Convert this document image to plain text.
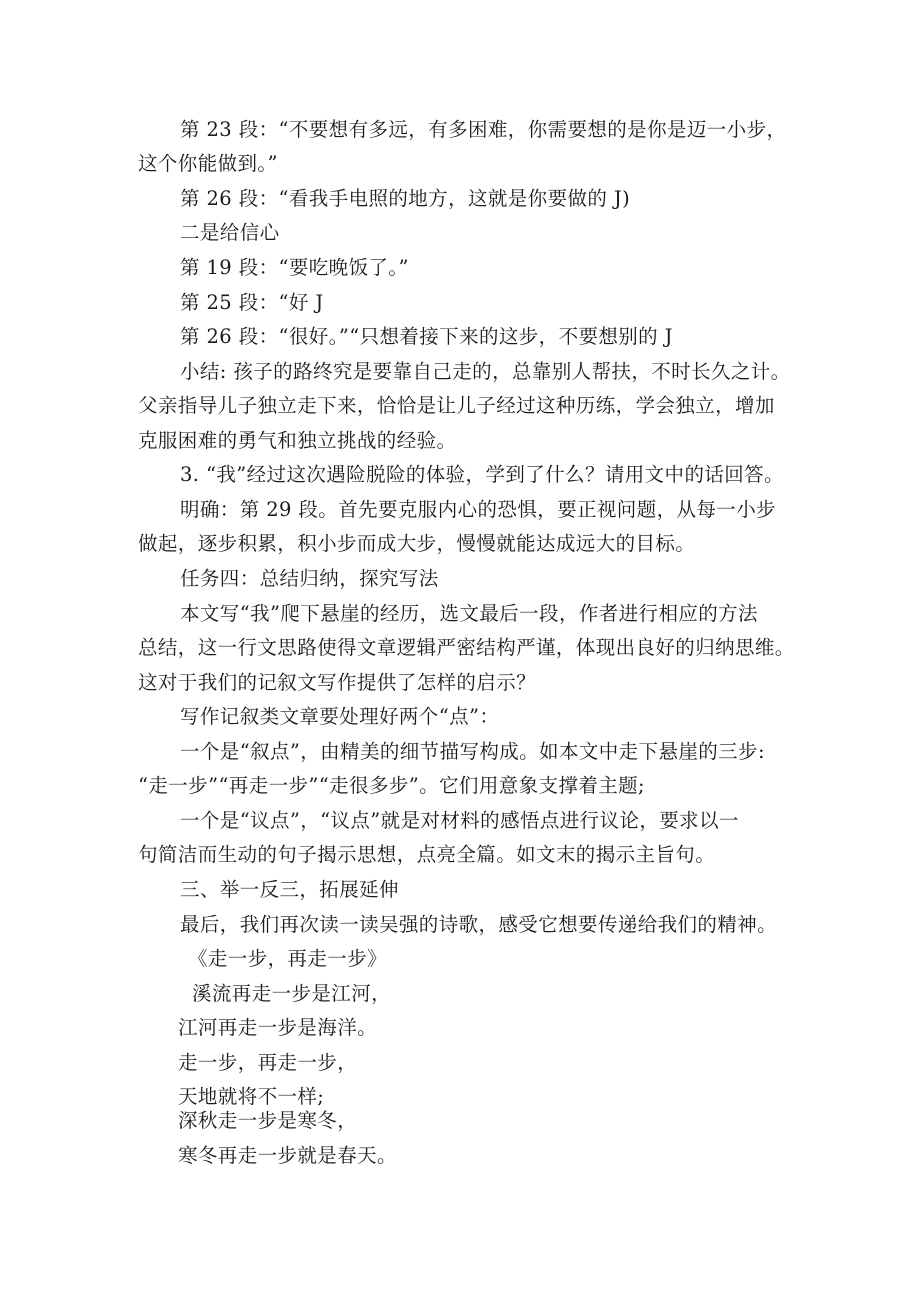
第 23 段：“不要想有多远，有多困难，你需要想的是你是迈一小步，

这个你能做到。”

第 26 段：“看我手电照的地方，这就是你要做的 J)

二是给信心

第 19 段：“要吃晚饭了。”

第 25 段：“好 J

第 26 段：“很好。”“只想着接下来的这步，不要想别的 J

小结: 孩子的路终究是要靠自己走的，总靠别人帮扶，不时长久之计。

父亲指导儿子独立走下来，恰恰是让儿子经过这种历练，学会独立，增加

克服困难的勇气和独立挑战的经验。

3. “我”经过这次遇险脱险的体验，学到了什么？请用文中的话回答。

明确：第 29 段。首先要克服内心的恐惧，要正视问题，从每一小步

做起，逐步积累，积小步而成大步，慢慢就能达成远大的目标。

任务四：总结归纳，探究写法

本文写“我”爬下悬崖的经历，选文最后一段，作者进行相应的方法

总结，这一行文思路使得文章逻辑严密结构严谨，体现出良好的归纳思维。

这对于我们的记叙文写作提供了怎样的启示？

写作记叙类文章要处理好两个“点”：

一个是“叙点”，由精美的细节描写构成。如本文中走下悬崖的三步:

“走一步”“再走一步”“走很多步”。它们用意象支撑着主题;

一个是“议点”，“议点”就是对材料的感悟点进行议论，要求以一

句简洁而生动的句子揭示思想，点亮全篇。如文末的揭示主旨句。

三、举一反三，拓展延伸

最后，我们再次读一读吴强的诗歌，感受它想要传递给我们的精神。

《走一步，再走一步》

溪流再走一步是江河，

江河再走一步是海洋。

走一步，再走一步，

天地就将不一样;

深秋走一步是寒冬，

寒冬再走一步就是春天。
